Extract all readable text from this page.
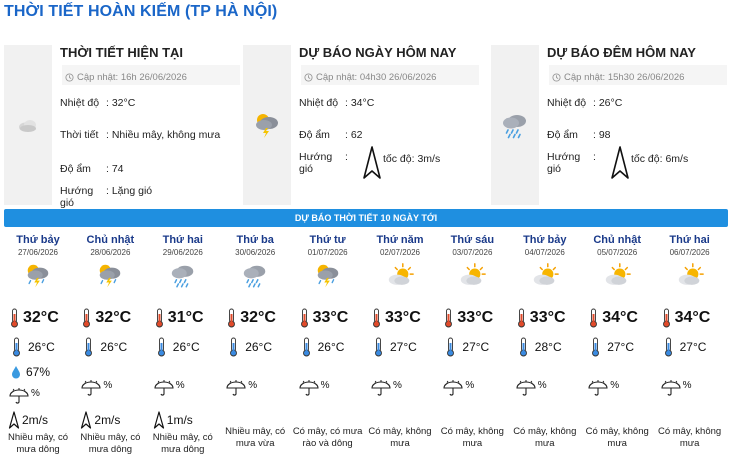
THỜI TIẾT HOÀN KIẾM (TP HÀ NỘI)
THỜI TIẾT HIỆN TẠI
Cập nhật: 16h 26/06/2026
Nhiệt độ : 32°C
Thời tiết : Nhiều mây, không mưa
Độ ẩm	: 74
Hướng gió
: Lặng gió
DỰ BÁO NGÀY HÔM NAY
Cập nhật: 04h30 26/06/2026
Nhiệt độ : 34°C
Độ ẩm	: 62
Hướng gió
:	tốc độ: 3m/s
DỰ BÁO ĐÊM HÔM NAY
Cập nhật: 15h30 26/06/2026
Nhiệt độ : 26°C
Độ ẩm	: 98
Hướng gió
:	tốc độ: 6m/s
DỰ BÁO THỜI TIẾT 10 NGÀY TỚI
Thứ bảy
27/06/2026
32°C
26°C
67%
%
2m/s
Nhiều mây, có mưa dông
Chủ nhật
28/06/2026
32°C
26°C
%
2m/s
Nhiều mây, có mưa dông
Thứ hai
29/06/2026
31°C
26°C
%
1m/s
Nhiều mây, có mưa dông
Thứ ba
30/06/2026
32°C
26°C
%
Nhiều mây, có mưa vừa
Thứ tư
01/07/2026
33°C
26°C
%
Có mây, có mưa rào và dông
Thứ năm
02/07/2026
33°C
27°C
%
Có mây, không mưa
Thứ sáu
03/07/2026
33°C
27°C
%
Có mây, không mưa
Thứ bảy
04/07/2026
33°C
28°C
%
Có mây, không mưa
Chủ nhật
05/07/2026
34°C
27°C
%
Có mây, không mưa
Thứ hai
06/07/2026
34°C
27°C
%
Có mây, không mưa
